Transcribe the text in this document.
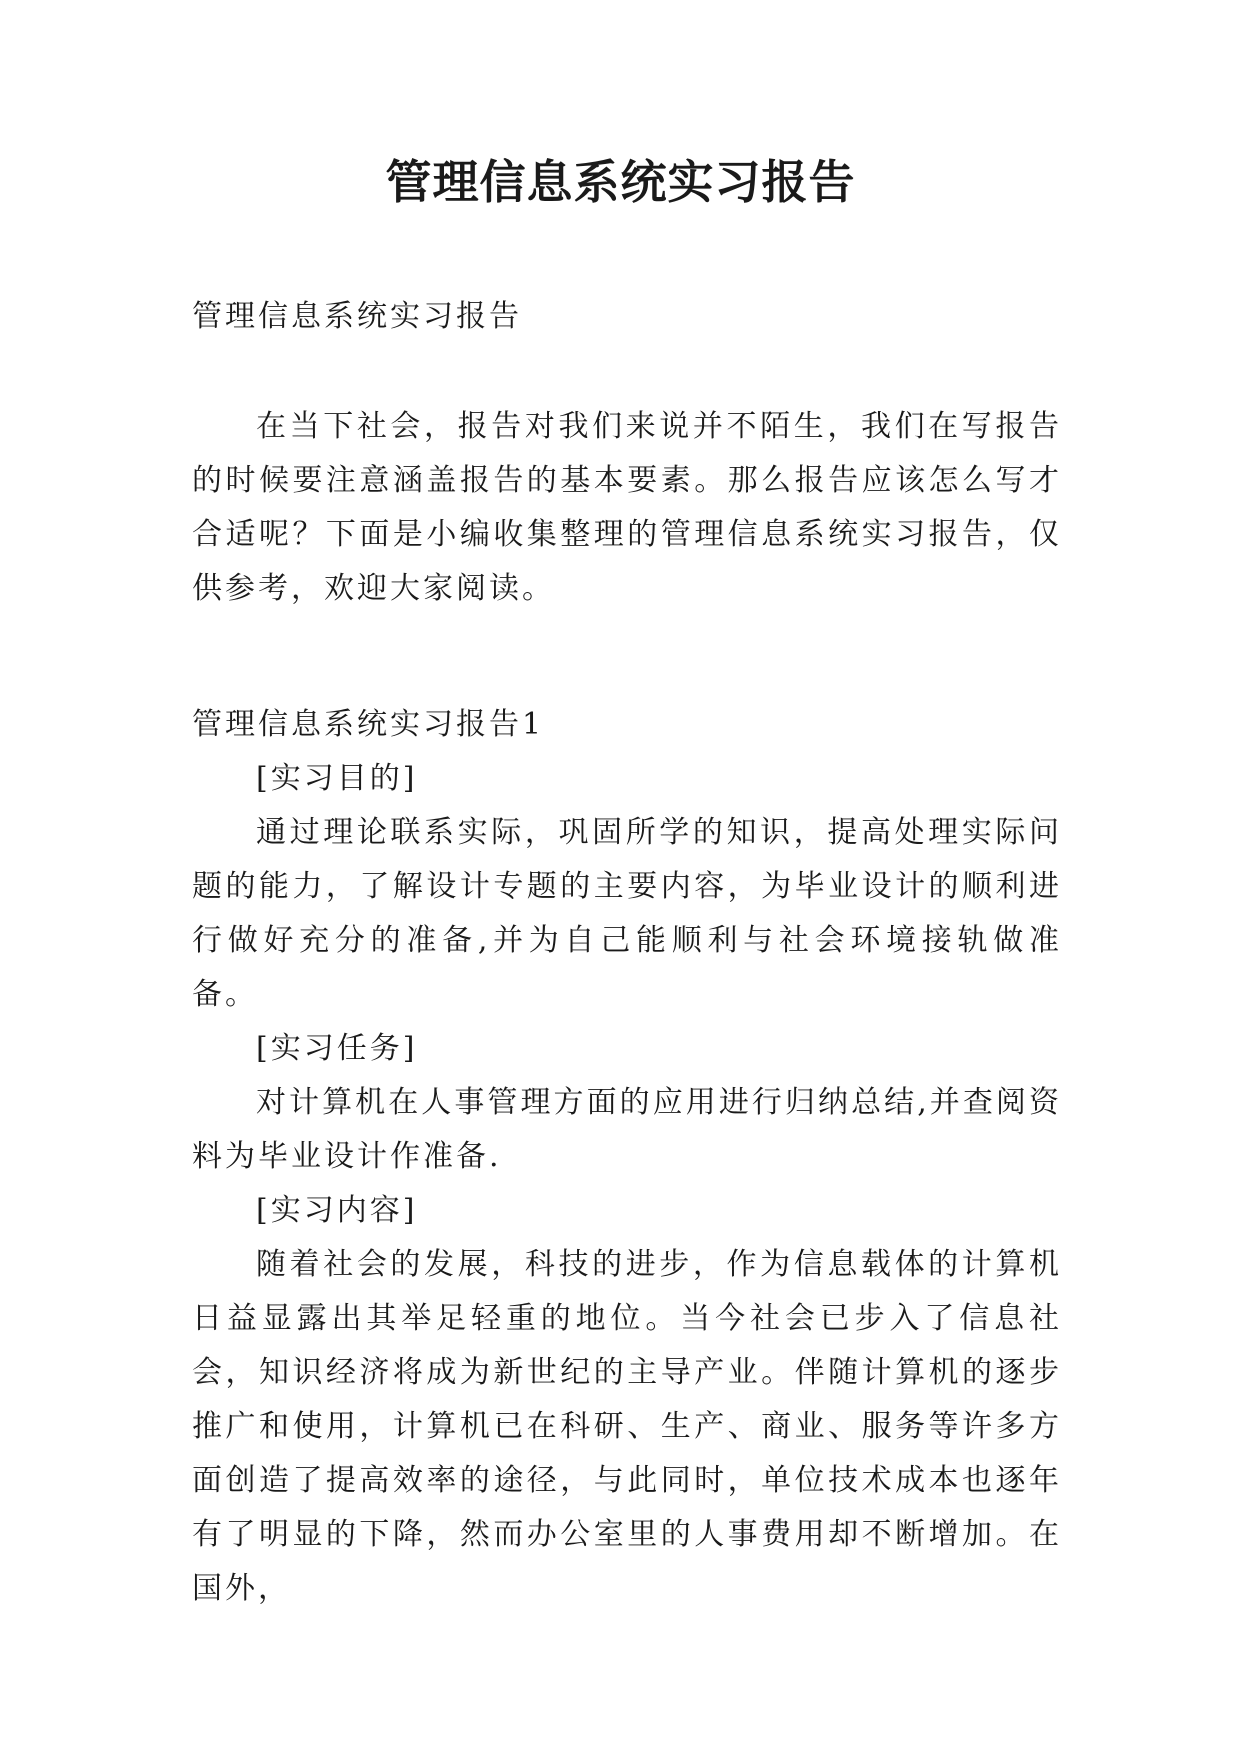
管理信息系统实习报告

管理信息系统实习报告

在当下社会，报告对我们来说并不陌生，我们在写报告的时候要注意涵盖报告的基本要素。那么报告应该怎么写才合适呢？下面是小编收集整理的管理信息系统实习报告，仅供参考，欢迎大家阅读。

管理信息系统实习报告1

[实习目的]

通过理论联系实际，巩固所学的知识，提高处理实际问题的能力，了解设计专题的主要内容，为毕业设计的顺利进行做好充分的准备,并为自己能顺利与社会环境接轨做准备。

[实习任务]

对计算机在人事管理方面的应用进行归纳总结,并查阅资料为毕业设计作准备.

[实习内容]

随着社会的发展，科技的进步，作为信息载体的计算机日益显露出其举足轻重的地位。当今社会已步入了信息社会，知识经济将成为新世纪的主导产业。伴随计算机的逐步推广和使用，计算机已在科研、生产、商业、服务等许多方面创造了提高效率的途径，与此同时，单位技术成本也逐年有了明显的下降，然而办公室里的人事费用却不断增加。在国外，
